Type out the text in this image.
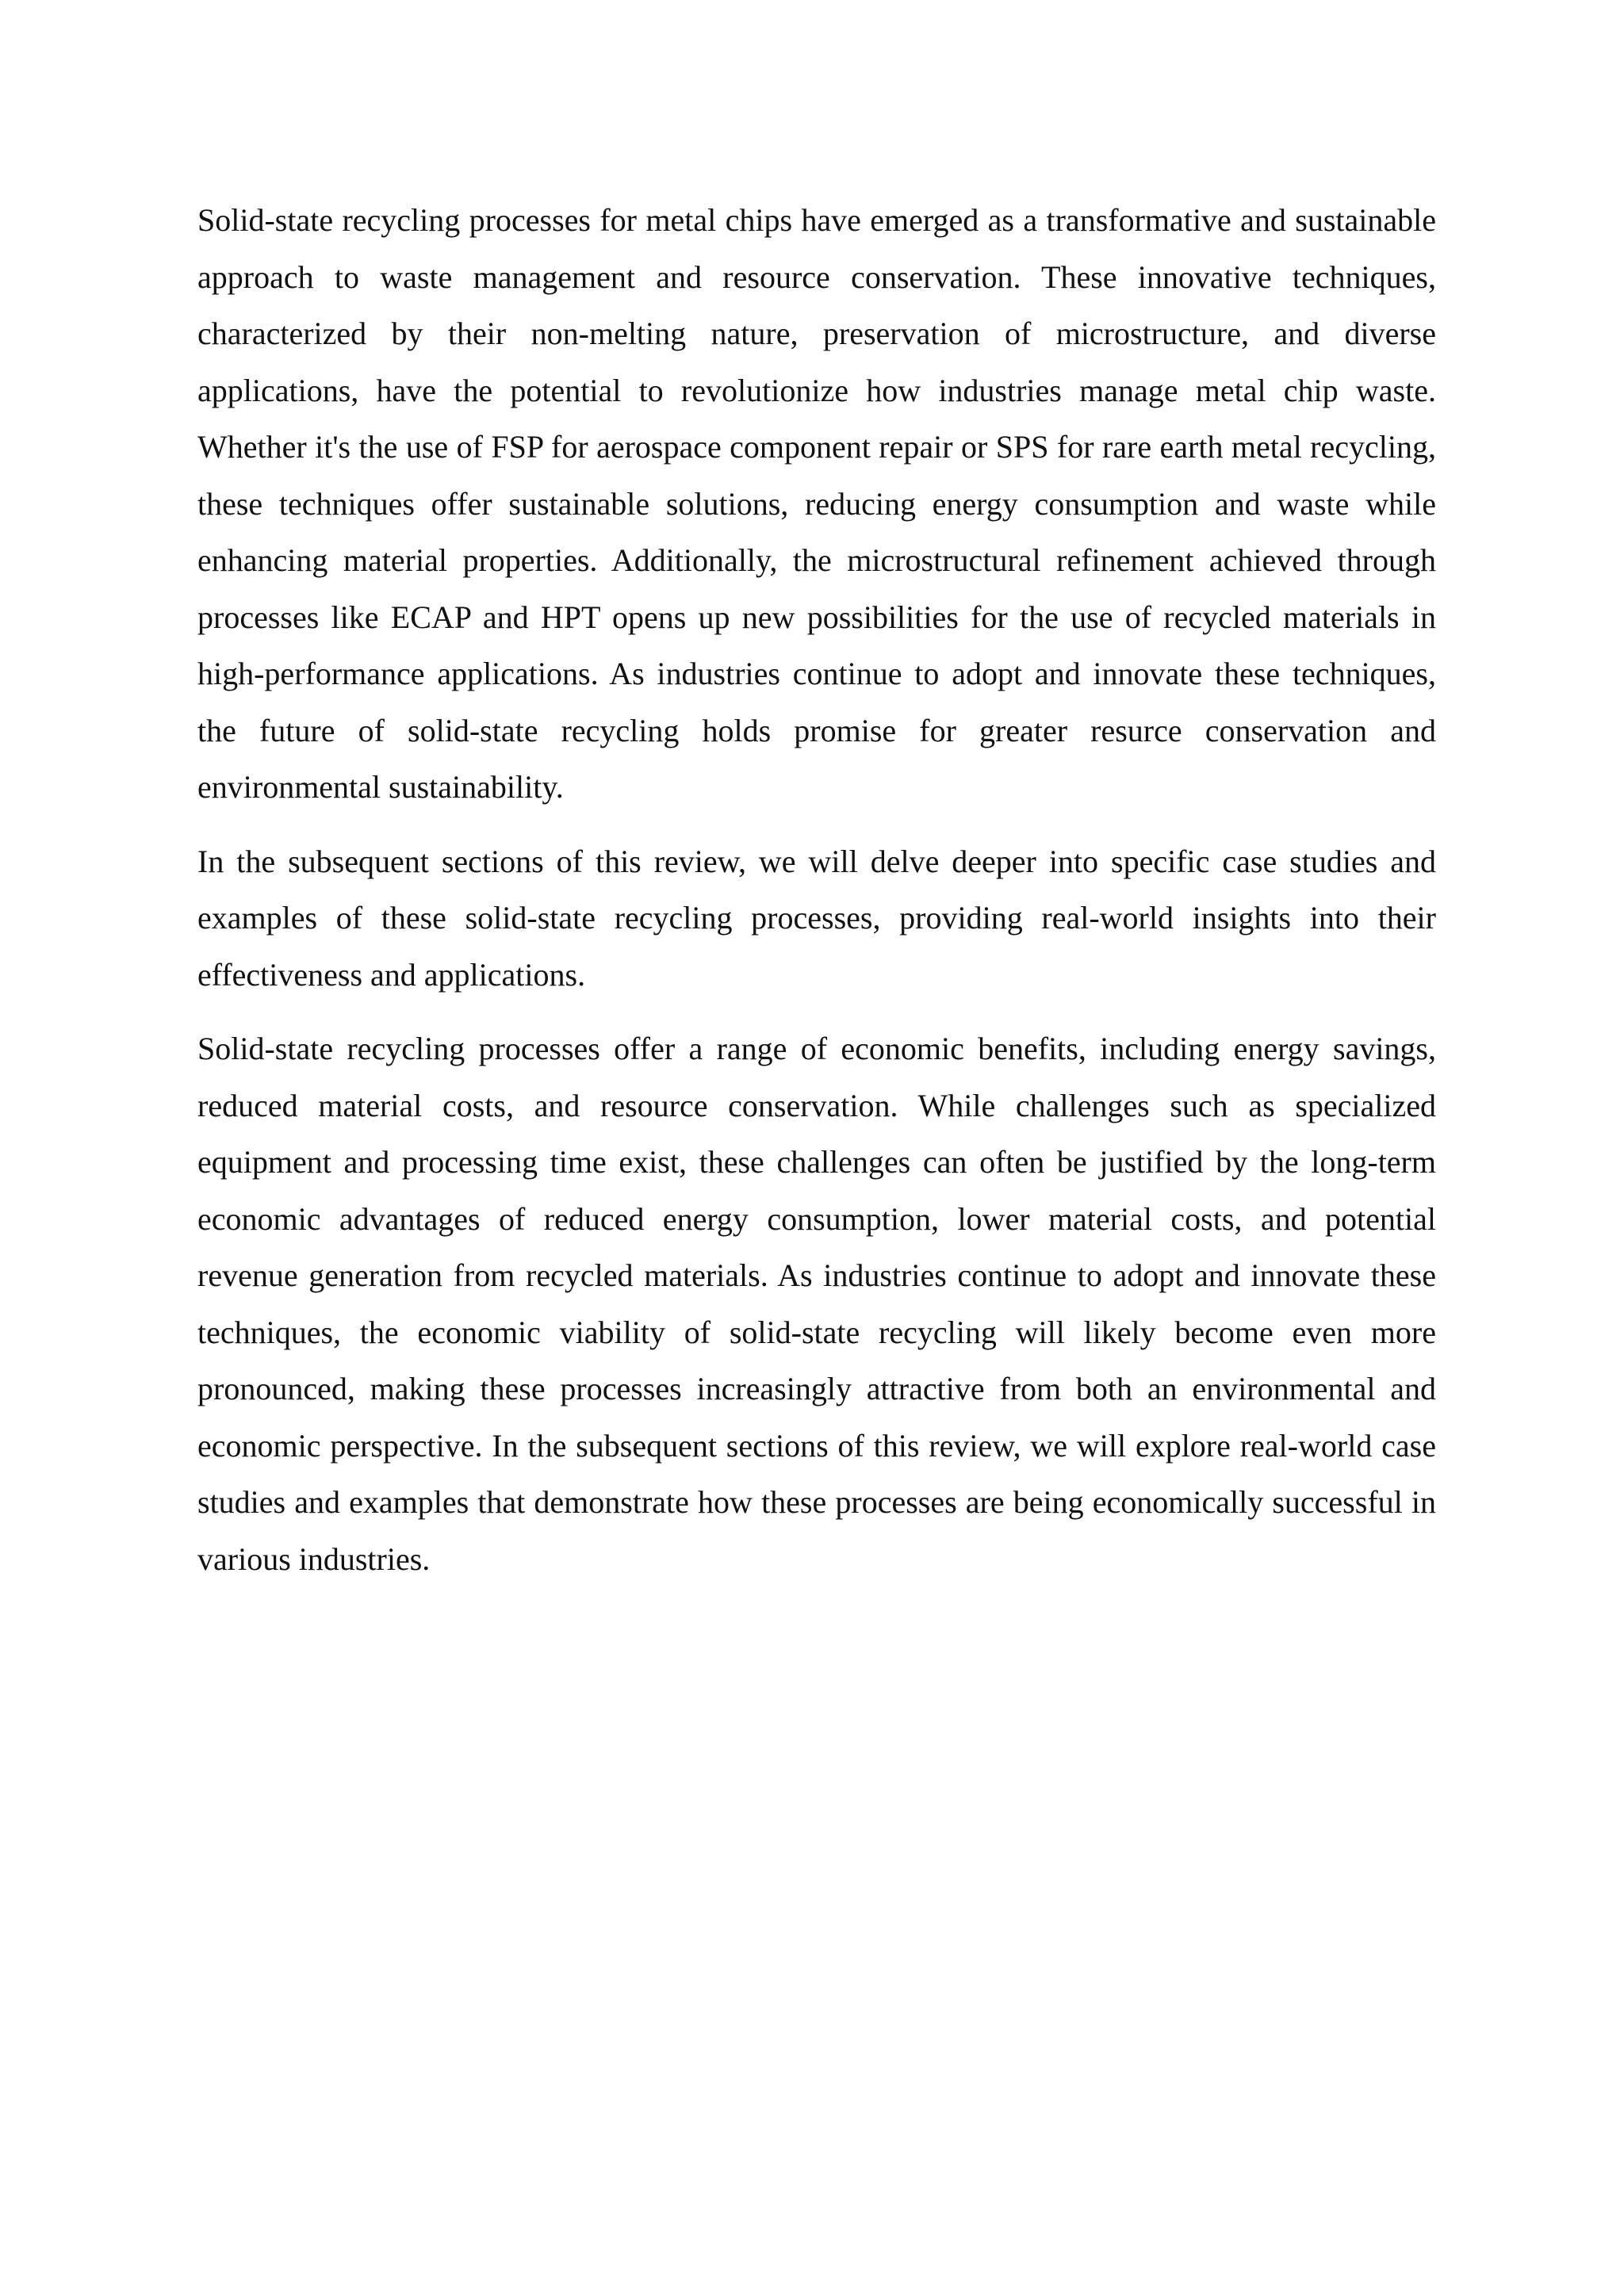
Solid-state recycling processes for metal chips have emerged as a transformative and sustainable approach to waste management and resource conservation. These innovative techniques, characterized by their non-melting nature, preservation of microstructure, and diverse applications, have the potential to revolutionize how industries manage metal chip waste. Whether it's the use of FSP for aerospace component repair or SPS for rare earth metal recycling, these techniques offer sustainable solutions, reducing energy consumption and waste while enhancing material properties. Additionally, the microstructural refinement achieved through processes like ECAP and HPT opens up new possibilities for the use of recycled materials in high-performance applications. As industries continue to adopt and innovate these techniques, the future of solid-state recycling holds promise for greater resurce conservation and environmental sustainability.

In the subsequent sections of this review, we will delve deeper into specific case studies and examples of these solid-state recycling processes, providing real-world insights into their effectiveness and applications.

Solid-state recycling processes offer a range of economic benefits, including energy savings, reduced material costs, and resource conservation. While challenges such as specialized equipment and processing time exist, these challenges can often be justified by the long-term economic advantages of reduced energy consumption, lower material costs, and potential revenue generation from recycled materials. As industries continue to adopt and innovate these techniques, the economic viability of solid-state recycling will likely become even more pronounced, making these processes increasingly attractive from both an environmental and economic perspective. In the subsequent sections of this review, we will explore real-world case studies and examples that demonstrate how these processes are being economically successful in various industries.
